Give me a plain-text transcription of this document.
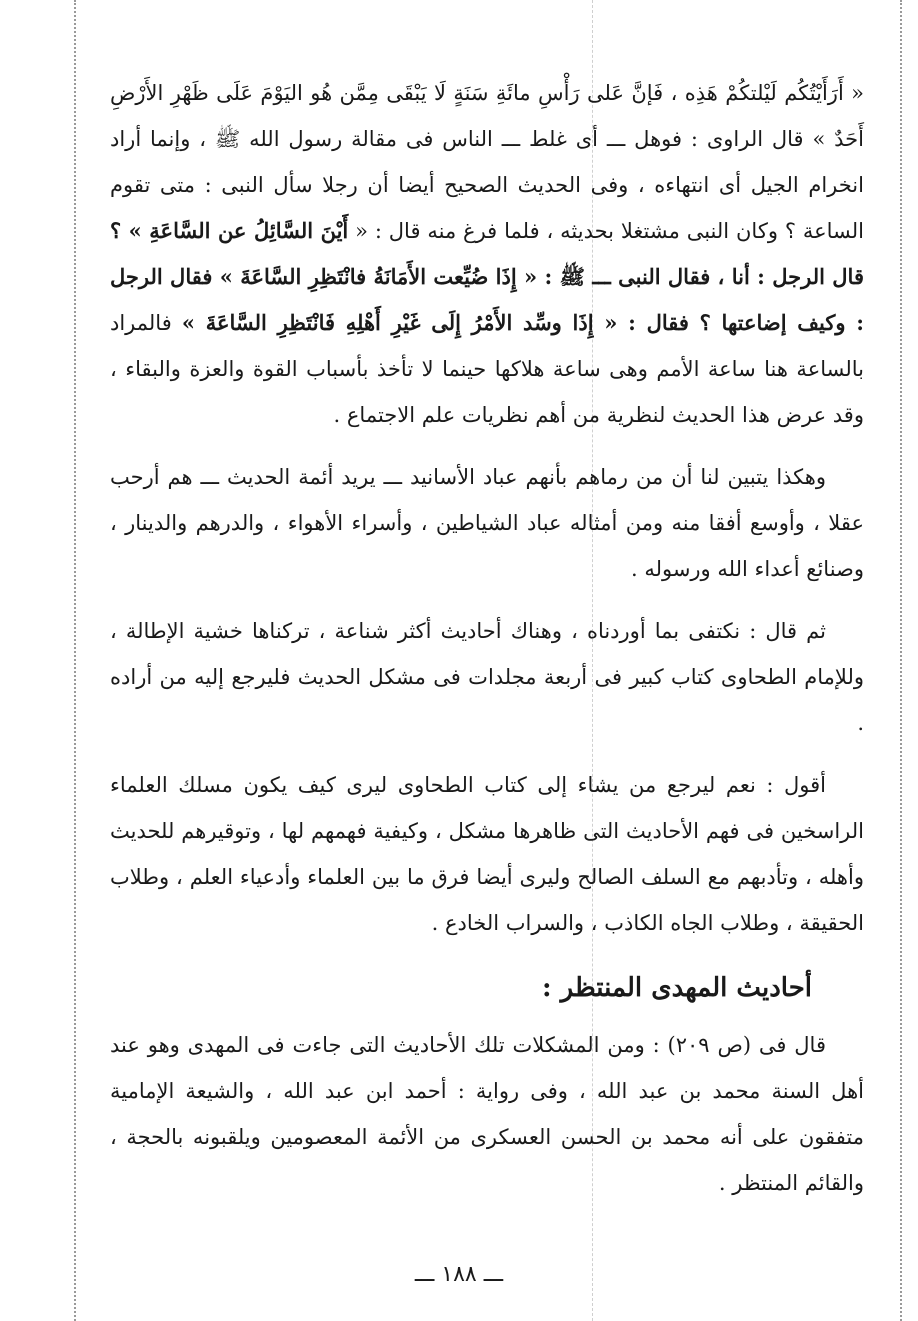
« أَرَأَيْتُكُم لَيْلتكُمْ هَذِه ، فَإنَّ عَلى رَأْسِ مائَةِ سَنَةٍ لَا يَبْقَى مِمَّن هُو اليَوْمَ عَلَى ظَهْرِ الأَرْضِ أَحَدٌ » قال الراوى : فوهل ـــ أى غلط ـــ الناس فى مقالة رسول الله ﷺ ، وإنما أراد انخرام الجيل أى انتهاءه ، وفى الحديث الصحيح أيضا أن رجلا سأل النبى : متى تقوم الساعة ؟ وكان النبى مشتغلا بحديثه ، فلما فرغ منه قال : « أَيْنَ السَّائِلُ عن السَّاعَةِ » ؟ قال الرجل : أنا ، فقال النبى ـــ ﷺ : « إِذَا ضُيِّعت الأَمَانَةُ فانْتَظِرِ السَّاعَةَ » فقال الرجل : وكيف إضاعتها ؟ فقال : « إِذَا وسِّد الأَمْرُ إِلَى غَيْرِ أَهْلِهِ فَانْتَظِرِ السَّاعَةَ » فالمراد بالساعة هنا ساعة الأمم وهى ساعة هلاكها حينما لا تأخذ بأسباب القوة والعزة والبقاء ، وقد عرض هذا الحديث لنظرية من أهم نظريات علم الاجتماع .

وهكذا يتبين لنا أن من رماهم بأنهم عباد الأسانيد ـــ يريد أئمة الحديث ـــ هم أرحب عقلا ، وأوسع أفقا منه ومن أمثاله عباد الشياطين ، وأسراء الأهواء ، والدرهم والدينار ، وصنائع أعداء الله ورسوله .

ثم قال : نكتفى بما أوردناه ، وهناك أحاديث أكثر شناعة ، تركناها خشية الإطالة ، وللإمام الطحاوى كتاب كبير فى أربعة مجلدات فى مشكل الحديث فليرجع إليه من أراده .

أقول : نعم ليرجع من يشاء إلى كتاب الطحاوى ليرى كيف يكون مسلك العلماء الراسخين فى فهم الأحاديث التى ظاهرها مشكل ، وكيفية فهمهم لها ، وتوقيرهم للحديث وأهله ، وتأدبهم مع السلف الصالح وليرى أيضا فرق ما بين العلماء وأدعياء العلم ، وطلاب الحقيقة ، وطلاب الجاه الكاذب ، والسراب الخادع .

أحاديث المهدى المنتظر :

قال فى (ص ٢٠٩) : ومن المشكلات تلك الأحاديث التى جاءت فى المهدى وهو عند أهل السنة محمد بن عبد الله ، وفى رواية : أحمد ابن عبد الله ، والشيعة الإمامية متفقون على أنه محمد بن الحسن العسكرى من الأئمة المعصومين ويلقبونه بالحجة ، والقائم المنتظر .

ـــ ١٨٨ ـــ
